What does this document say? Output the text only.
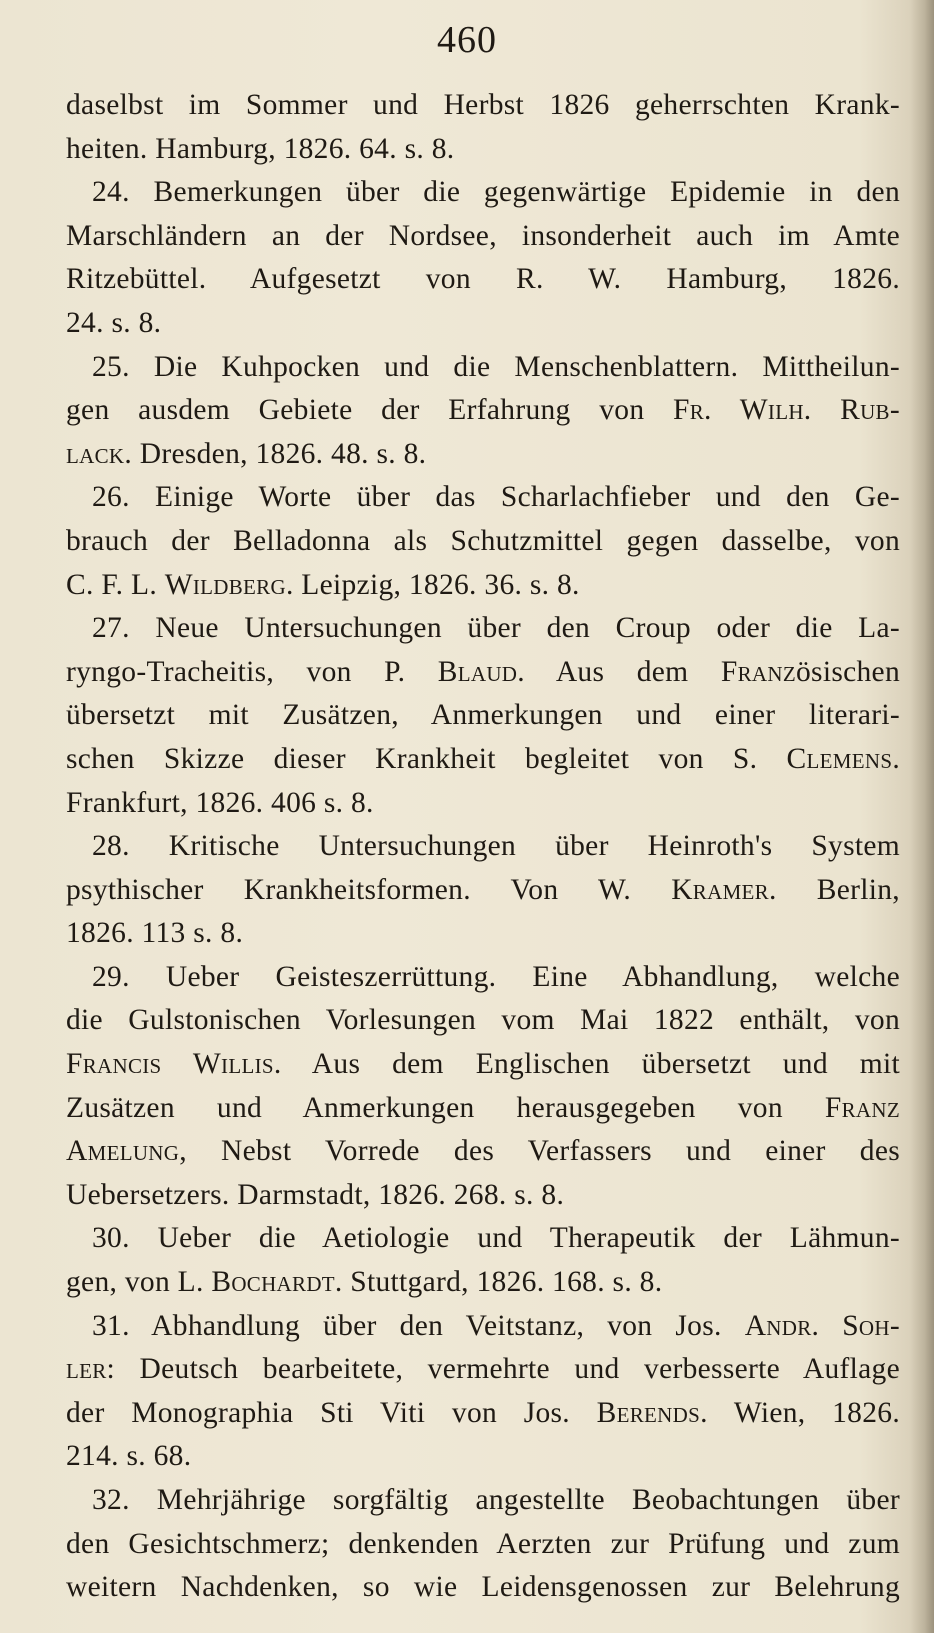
460
daselbst im Sommer und Herbst 1826 geherrschten Krank-
heiten. Hamburg, 1826. 64. s. 8.
24. Bemerkungen über die gegenwärtige Epidemie in den
Marschländern an der Nordsee, insonderheit auch im Amte
Ritzebüttel. Aufgesetzt von R. W. Hamburg, 1826.
24. s. 8.
25. Die Kuhpocken und die Menschenblattern. Mittheilun-
gen ausdem Gebiete der Erfahrung von Fr. Wilh. Rub-
lack. Dresden, 1826. 48. s. 8.
26. Einige Worte über das Scharlachfieber und den Ge-
brauch der Belladonna als Schutzmittel gegen dasselbe, von
C. F. L. Wildberg. Leipzig, 1826. 36. s. 8.
27. Neue Untersuchungen über den Croup oder die La-
ryngo-Tracheitis, von P. Blaud. Aus dem Französischen
übersetzt mit Zusätzen, Anmerkungen und einer literari-
schen Skizze dieser Krankheit begleitet von S. Clemens.
Frankfurt, 1826. 406 s. 8.
28. Kritische Untersuchungen über Heinroth's System
psythischer Krankheitsformen. Von W. Kramer. Berlin,
1826. 113 s. 8.
29. Ueber Geisteszerrüttung. Eine Abhandlung, welche
die Gulstonischen Vorlesungen vom Mai 1822 enthält, von
Francis Willis. Aus dem Englischen übersetzt und mit
Zusätzen und Anmerkungen herausgegeben von Franz
Amelung, Nebst Vorrede des Verfassers und einer des
Uebersetzers. Darmstadt, 1826. 268. s. 8.
30. Ueber die Aetiologie und Therapeutik der Lähmun-
gen, von L. Bochardt. Stuttgard, 1826. 168. s. 8.
31. Abhandlung über den Veitstanz, von Jos. Andr. Soh-
ler: Deutsch bearbeitete, vermehrte und verbesserte Auflage
der Monographia Sti Viti von Jos. Berends. Wien, 1826.
214. s. 68.
32. Mehrjährige sorgfältig angestellte Beobachtungen über
den Gesichtschmerz; denkenden Aerzten zur Prüfung und zum
weitern Nachdenken, so wie Leidensgenossen zur Belehrung
